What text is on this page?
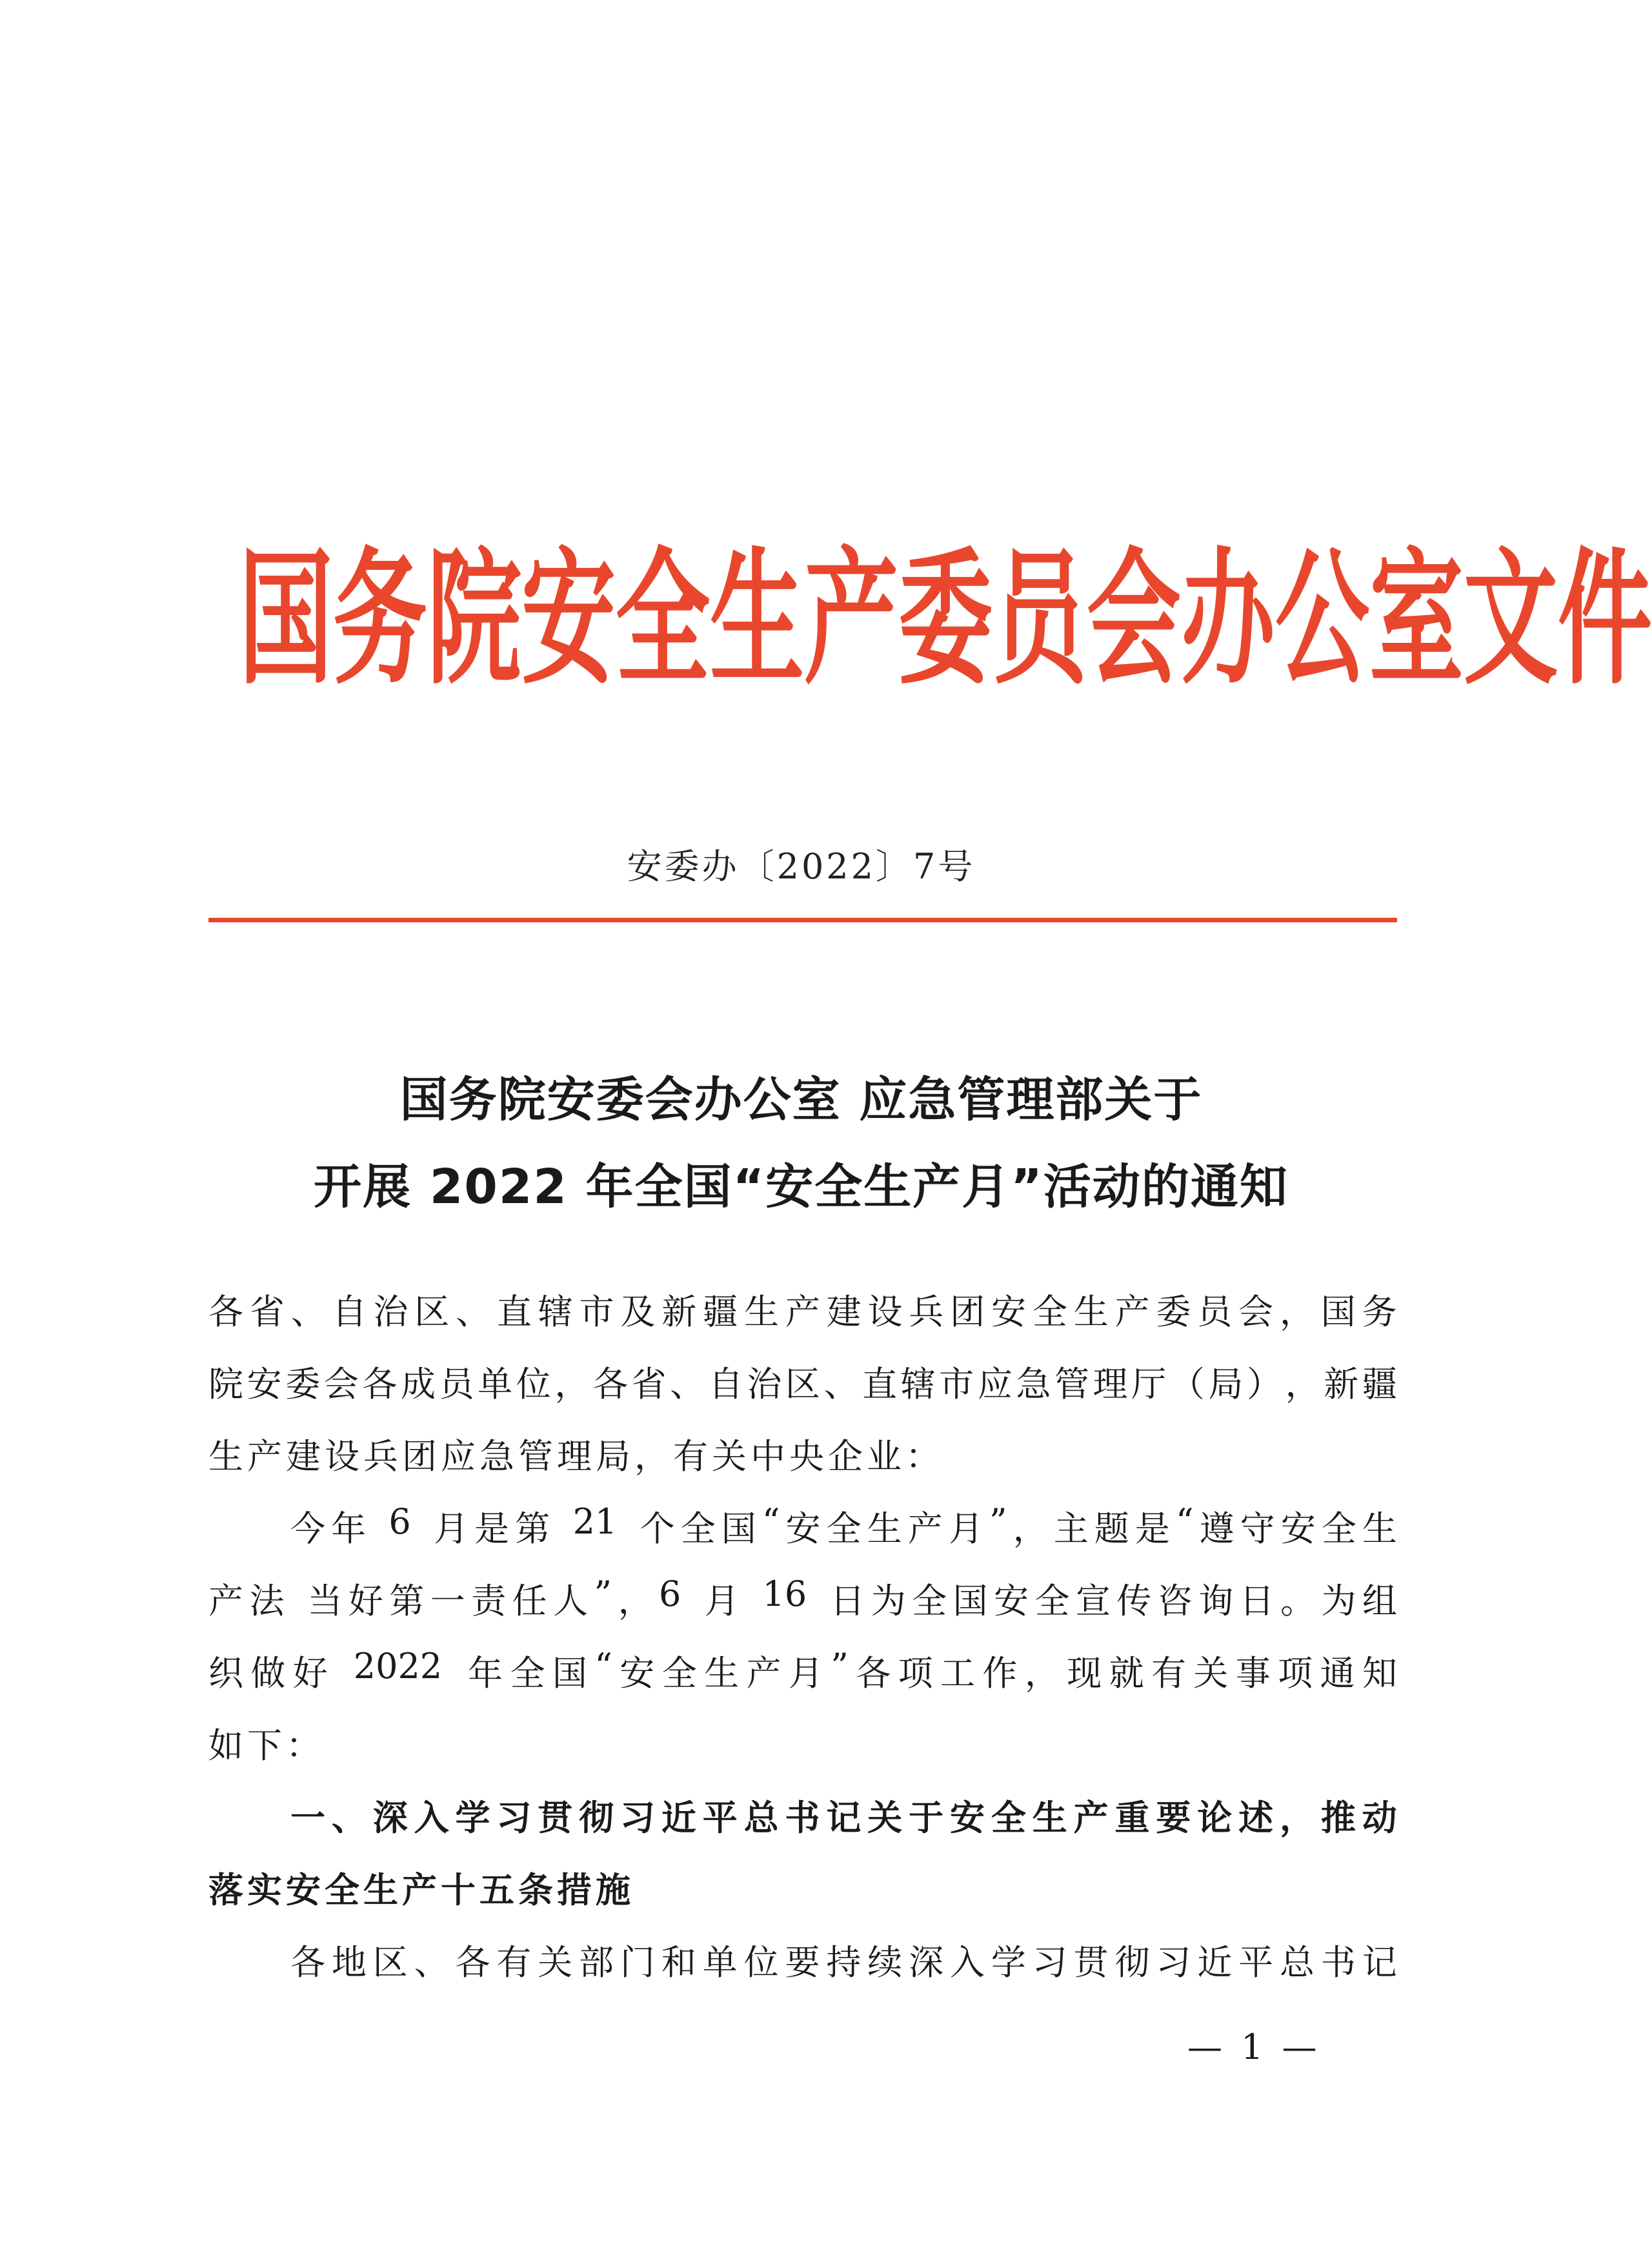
国 务 院 安 全 生 产 委 员 会 办 公 室 文 件
安委办〔2022〕7号
国务院安委会办公室 应急管理部关于
开展 2022 年全国“安全生产月”活动的通知
各 省 、 自 治 区 、 直 辖 市 及 新 疆 生 产 建 设 兵 团 安 全 生 产 委 员 会 ， 国 务
院 安 委 会 各 成 员 单 位 ， 各 省 、 自 治 区 、 直 辖 市 应 急 管 理 厅 （ 局 ） ， 新 疆
生产建设兵团应急管理局，有关中央企业：
今 年
6
月 是 第
21
个 全 国 “ 安 全 生 产 月 ” ， 主 题 是 “ 遵 守 安 全 生
产 法
当 好 第 一 责 任 人 ” ， 6
月
16
日 为 全 国 安 全 宣 传 咨 询 日 。 为 组
织 做 好
2022
年 全 国 “ 安 全 生 产 月 ” 各 项 工 作 ， 现 就 有 关 事 项 通 知
如下：
一 、 深 入 学 习 贯 彻 习 近 平 总 书 记 关 于 安 全 生 产 重 要 论 述 ， 推 动
落实安全生产十五条措施
各 地 区 、 各 有 关 部 门 和 单 位 要 持 续 深 入 学 习 贯 彻 习 近 平 总 书 记
— 1 —
